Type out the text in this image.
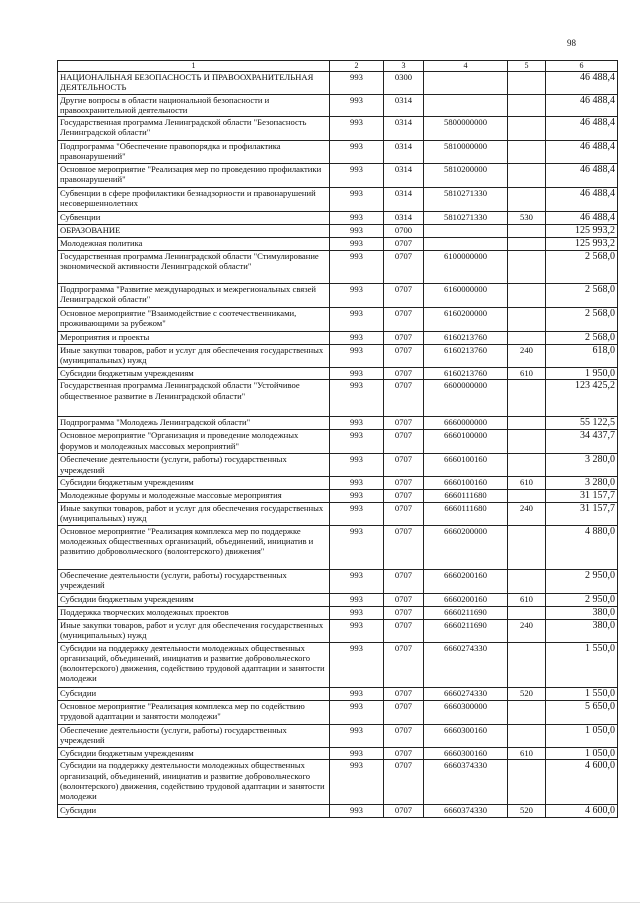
98
1	2	3	4	5	6
НАЦИОНАЛЬНАЯ БЕЗОПАСНОСТЬ И ПРАВООХРАНИТЕЛЬНАЯ ДЕЯТЕЛЬНОСТЬ	993	0300			46 488,4
Другие вопросы в области национальной безопасности и правоохранительной деятельности	993	0314			46 488,4
Государственная программа Ленинградской области "Безопасность Ленинградской области"	993	0314	5800000000		46 488,4
Подпрограмма "Обеспечение правопорядка и профилактика правонарушений"	993	0314	5810000000		46 488,4
Основное мероприятие "Реализация мер по проведению профилактики правонарушений"	993	0314	5810200000		46 488,4
Субвенции в сфере профилактики безнадзорности и правонарушений несовершеннолетних	993	0314	5810271330		46 488,4
Субвенции	993	0314	5810271330	530	46 488,4
ОБРАЗОВАНИЕ	993	0700			125 993,2
Молодежная политика	993	0707			125 993,2
Государственная программа Ленинградской области "Стимулирование экономической активности Ленинградской области"	993	0707	6100000000		2 568,0
Подпрограмма "Развитие международных и межрегиональных связей Ленинградской области"	993	0707	6160000000		2 568,0
Основное мероприятие "Взаимодействие с соотечественниками, проживающими за рубежом"	993	0707	6160200000		2 568,0
Мероприятия и проекты	993	0707	6160213760		2 568,0
Иные закупки товаров, работ и услуг для обеспечения государственных (муниципальных) нужд	993	0707	6160213760	240	618,0
Субсидии бюджетным учреждениям	993	0707	6160213760	610	1 950,0
Государственная программа Ленинградской области "Устойчивое общественное развитие в Ленинградской области"	993	0707	6600000000		123 425,2
Подпрограмма "Молодежь Ленинградской области"	993	0707	6660000000		55 122,5
Основное мероприятие "Организация и проведение молодежных форумов и молодежных массовых мероприятий"	993	0707	6660100000		34 437,7
Обеспечение деятельности (услуги, работы) государственных учреждений	993	0707	6660100160		3 280,0
Субсидии бюджетным учреждениям	993	0707	6660100160	610	3 280,0
Молодежные форумы и молодежные массовые мероприятия	993	0707	6660111680		31 157,7
Иные закупки товаров, работ и услуг для обеспечения государственных (муниципальных) нужд	993	0707	6660111680	240	31 157,7
Основное мероприятие "Реализация комплекса мер по поддержке молодежных общественных организаций, объединений, инициатив и развитию добровольческого (волонтерского) движения"	993	0707	6660200000		4 880,0
Обеспечение деятельности (услуги, работы) государственных учреждений	993	0707	6660200160		2 950,0
Субсидии бюджетным учреждениям	993	0707	6660200160	610	2 950,0
Поддержка творческих молодежных проектов	993	0707	6660211690		380,0
Иные закупки товаров, работ и услуг для обеспечения государственных (муниципальных) нужд	993	0707	6660211690	240	380,0
Субсидии на поддержку деятельности молодежных общественных организаций, объединений, инициатив и развитие добровольческого (волонтерского) движения, содействию трудовой адаптации и занятости молодежи	993	0707	6660274330		1 550,0
Субсидии	993	0707	6660274330	520	1 550,0
Основное мероприятие "Реализация комплекса мер по содействию трудовой адаптации и занятости молодежи"	993	0707	6660300000		5 650,0
Обеспечение деятельности (услуги, работы) государственных учреждений	993	0707	6660300160		1 050,0
Субсидии бюджетным учреждениям	993	0707	6660300160	610	1 050,0
Субсидии на поддержку деятельности молодежных общественных организаций, объединений, инициатив и развитие добровольческого (волонтерского) движения, содействию трудовой адаптации и занятости молодежи	993	0707	6660374330		4 600,0
Субсидии	993	0707	6660374330	520	4 600,0
